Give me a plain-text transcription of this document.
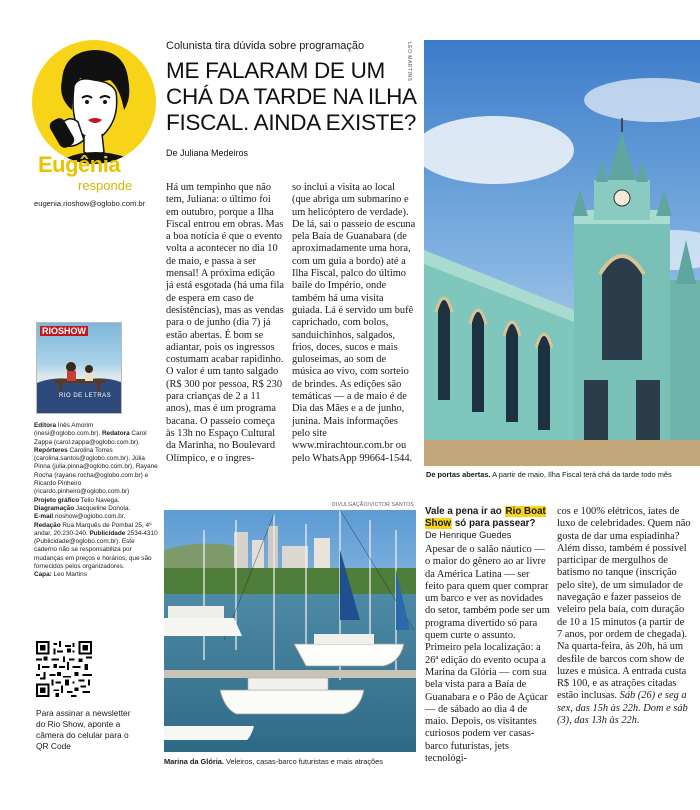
Eugênia
responde
eugenia.rioshow@oglobo.com.br
RIOSHOW
RIO DE LETRAS

Editora Inês Amorim (inesi@oglobo.com.br). Redatora Carol Zappa (carol.zappa@oglobo.com.br).

Repórteres Carolina Torres (carolina.santos@oglobo.com.br), Júlia Pinna (julia.pinna@oglobo.com.br), Rayane Rocha (rayane.rocha@oglobo.com.br) e Ricardo Pinheiro (ricardo.pinheiro@oglobo.com.br)

Projeto gráfico Telio Navega.

Diagramação Jacqueline Donola.

E-mail rioshow@oglobo.com.br.

Redação Rua Marquês de Pombal 25, 4º andar, 20.230-240. Publicidade 2534-4310 (Publicidade@oglobo.com.br). Este caderno não se responsabiliza por mudanças em preços e horários, que são fornecidos pelos organizadores.

Capa: Leo Martins

Para assinar a newsletter do Rio Show, aponte a câmera do celular para o QR Code
Colunista tira dúvida sobre programação
ME FALARAM DE UM CHÁ DA TARDE NA ILHA FISCAL. AINDA EXISTE? De Juliana Medeiros
Há um tempinho que não tem, Juliana: o último foi em outubro, porque a Ilha Fiscal entrou em obras. Mas a boa notícia é que o evento volta a acontecer no dia 10 de maio, e passa a ser mensal! A próxima edição já está esgotada (há uma fila de espera em caso de desistências), mas as vendas para o de junho (dia 7) já estão abertas. É bom se adiantar, pois os ingressos costumam acabar rapidinho. O valor é um tanto salgado (R$ 300 por pessoa, R$ 230 para crianças de 2 a 11 anos), mas é um programa bacana. O passeio começa às 13h no Espaço Cultural da Marinha, no Boulevard Olímpico, e o ingres-
so inclui a visita ao local (que abriga um submarino e um helicóptero de verdade). De lá, sai o passeio de escuna pela Baía de Guanabara (de aproximadamente uma hora, com um guia a bordo) até a Ilha Fiscal, palco do último baile do Império, onde também há uma visita guiada. Lá é servido um bufê caprichado, com bolos, sanduichinhos, salgados, frios, doces, sucos e mais guloseimas, ao som de música ao vivo, com sorteio de brindes. As edições são temáticas — a de maio é de Dia das Mães e a de junho, junina. Mais informações pelo site www.mirachtour.com.br ou pelo WhatsApp 99664-1544.
LEO MARTINS
De portas abertas. A partir de maio, Ilha Fiscal terá chá da tarde todo mês
DIVULGAÇÃO/VICTOR SANTOS
Marina da Glória. Veleiros, casas-barco futuristas e mais atrações
Vale a pena ir ao Rio Boat Show só para passear?
De Henrique Guedes
Apesar de o salão náutico — o maior do gênero ao ar livre da América Latina — ser feito para quem quer comprar um barco e ver as novidades do setor, também pode ser um programa divertido só para quem curte o assunto. Primeiro pela localização: a 26ª edição do evento ocupa a Marina da Glória — com sua bela vista para a Baía de Guanabara e o Pão de Açúcar — de sábado ao dia 4 de maio. Depois, os visitantes curiosos podem ver casas-barco futuristas, jets tecnológi-
cos e 100% elétricos, iates de luxo de celebridades. Quem não gosta de dar uma espiadinha? Além disso, também é possível participar de mergulhos de batismo no tanque (inscrição pelo site), de um simulador de navegação e fazer passeios de veleiro pela baía, com duração de 10 a 15 minutos (a partir de 7 anos, por ordem de chegada). Na quarta-feira, às 20h, há um desfile de barcos com show de luzes e música. A entrada custa R$ 100, e as atrações citadas estão inclusas. Sáb (26) e seg a sex, das 15h às 22h. Dom e sáb (3), das 13h às 22h.
